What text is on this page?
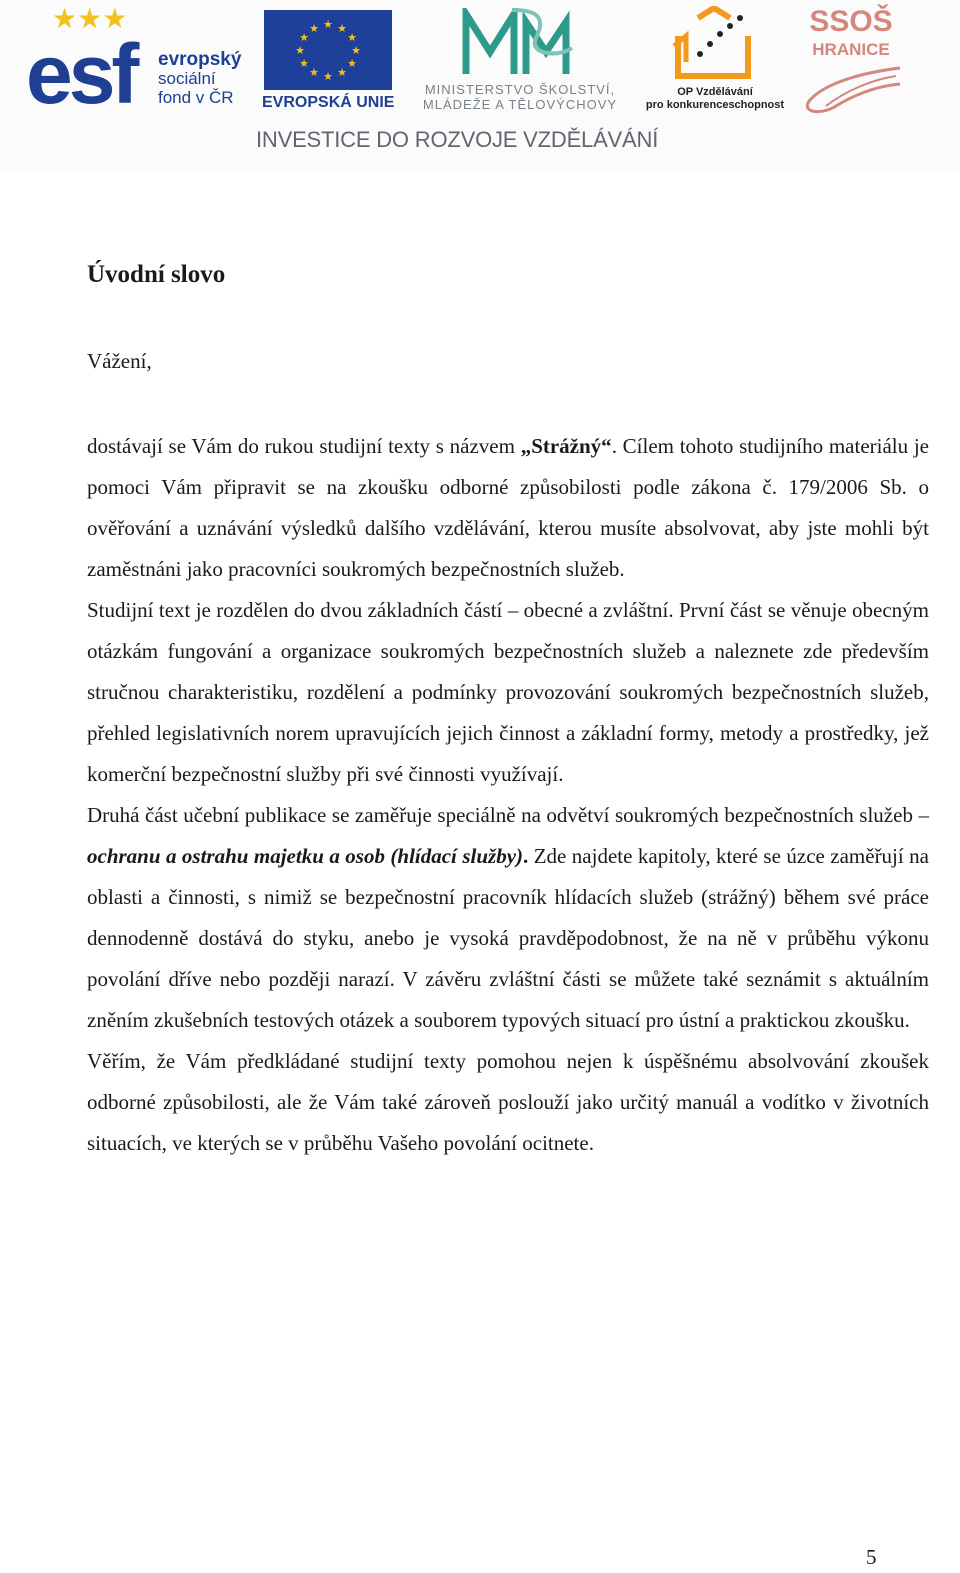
★★★
esf evropský
sociální
fond v ČR
★ ★
★
★
★
★
★
★
★
★
★
★
EVROPSKÁ UNIE
MINISTERSTVO ŠKOLSTVÍ,
MLÁDEŽE A TĚLOVÝCHOVY
OP Vzdělávání
pro konkurenceschopnost
SSOŠ
HRANICE
INVESTICE DO ROZVOJE VZDĚLÁVÁNÍ
Úvodní slovo

Vážení,

dostávají se Vám do rukou studijní texty s názvem „Strážný“. Cílem tohoto studijního materiálu je pomoci Vám připravit se na zkoušku odborné způsobilosti podle zákona č. 179/2006 Sb. o ověřování a uznávání výsledků dalšího vzdělávání, kterou musíte absolvovat, aby jste mohli být zaměstnáni jako pracovníci soukromých bezpečnostních služeb.

Studijní text je rozdělen do dvou základních částí – obecné a zvláštní. První část se věnuje obecným otázkám fungování a organizace soukromých bezpečnostních služeb a naleznete zde především stručnou charakteristiku, rozdělení a podmínky provozování soukromých bezpečnostních služeb, přehled legislativních norem upravujících jejich činnost a základní formy, metody a prostředky, jež komerční bezpečnostní služby při své činnosti využívají.

Druhá část učební publikace se zaměřuje speciálně na odvětví soukromých bezpečnostních služeb – ochranu a ostrahu majetku a osob (hlídací služby). Zde najdete kapitoly, které se úzce zaměřují na oblasti a činnosti, s nimiž se bezpečnostní pracovník hlídacích služeb (strážný) během své práce dennodenně dostává do styku, anebo je vysoká pravděpodobnost, že na ně v průběhu výkonu povolání dříve nebo později narazí. V závěru zvláštní části se můžete také seznámit s aktuálním zněním zkušebních testových otázek a souborem typových situací pro ústní a praktickou zkoušku.

Věřím, že Vám předkládané studijní texty pomohou nejen k úspěšnému absolvování zkoušek odborné způsobilosti, ale že Vám také zároveň poslouží jako určitý manuál a vodítko v životních situacích, ve kterých se v průběhu Vašeho povolání ocitnete.

5
